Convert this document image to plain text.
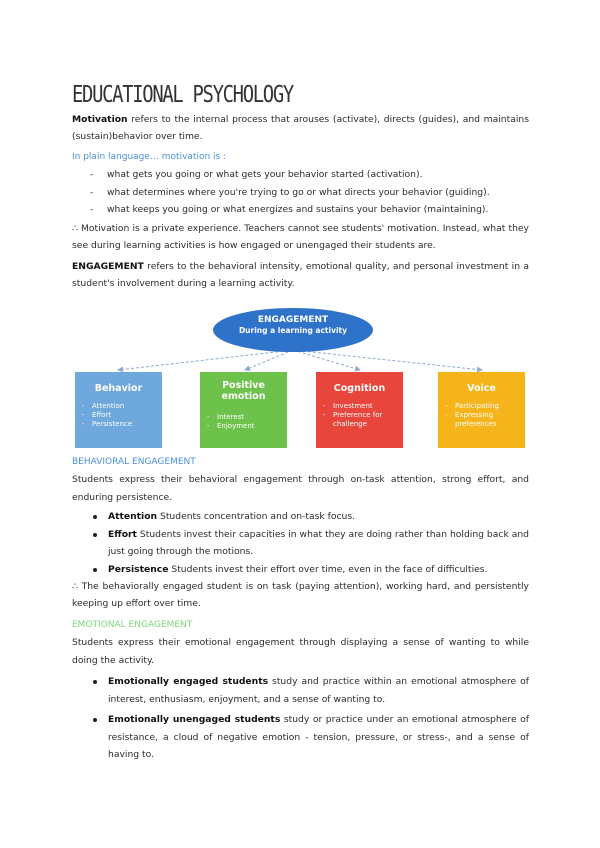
EDUCATIONAL PSYCHOLOGY
Motivation refers to the internal process that arouses (activate), directs (guides), and maintains (sustain)behavior over time.
In plain language… motivation is :
- what gets you going or what gets your behavior started (activation).
- what determines where you're trying to go or what directs your behavior (guiding).
- what keeps you going or what energizes and sustains your behavior (maintaining).
∴ Motivation is a private experience. Teachers cannot see students' motivation. Instead, what they see during learning activities is how engaged or unengaged their students are.
ENGAGEMENT refers to the behavioral intensity, emotional quality, and personal investment in a student's involvement during a learning activity.
ENGAGEMENT
During a learning activity
Behavior
- Attention
- Effort
- Persistence
Positive emotion
- Interest
- Enjoyment
Cognition
- Investment
- Preference for challenge
Voice
- Participating
- Expressing preferences
BEHAVIORAL ENGAGEMENT
Students express their behavioral engagement through on-task attention, strong effort, and enduring persistence.
Attention Students concentration and on-task focus.
Effort Students invest their capacities in what they are doing rather than holding back and just going through the motions.
Persistence Students invest their effort over time, even in the face of difficulties.
∴ The behaviorally engaged student is on task (paying attention), working hard, and persistently keeping up effort over time.
EMOTIONAL ENGAGEMENT
Students express their emotional engagement through displaying a sense of wanting to while doing the activity.
Emotionally engaged students study and practice within an emotional atmosphere of interest, enthusiasm, enjoyment, and a sense of wanting to.
Emotionally unengaged students study or practice under an emotional atmosphere of resistance, a cloud of negative emotion - tension, pressure, or stress-, and a sense of having to.
